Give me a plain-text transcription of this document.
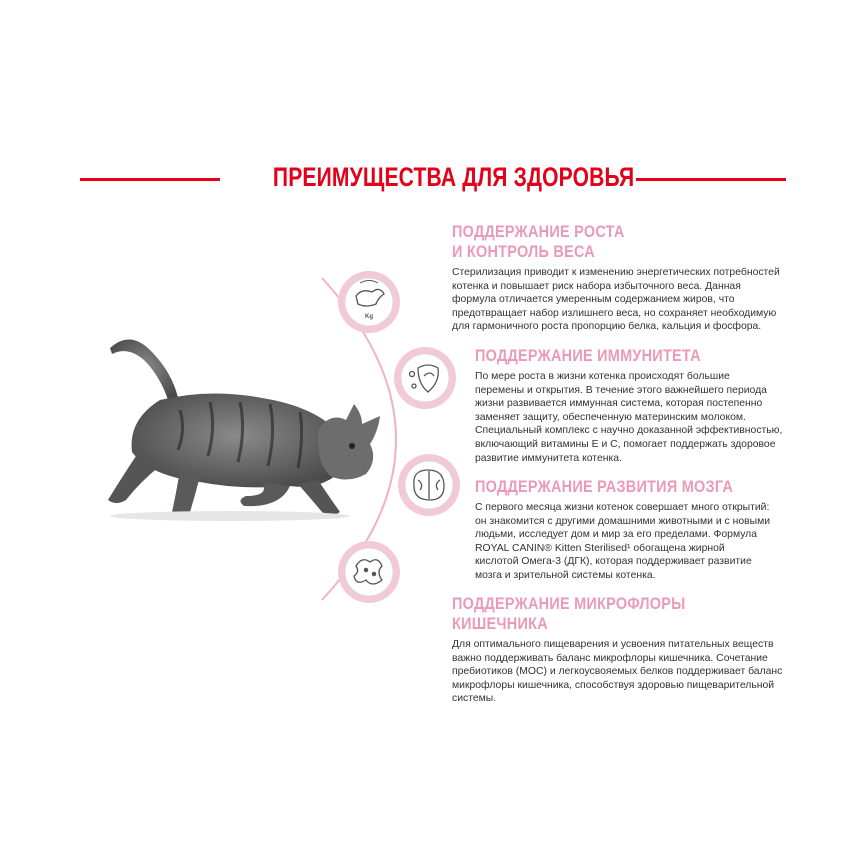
ПРЕИМУЩЕСТВА ДЛЯ ЗДОРОВЬЯ
Kg
ПОДДЕРЖАНИЕ РОСТА
И КОНТРОЛЬ ВЕСА
Стерилизация приводит к изменению энергетических потребностей
котенка и повышает риск набора избыточного веса. Данная
формула отличается умеренным содержанием жиров, что
предотвращает набор излишнего веса, но сохраняет необходимую
для гармоничного роста пропорцию белка, кальция и фосфора.
ПОДДЕРЖАНИЕ ИММУНИТЕТА
По мере роста в жизни котенка происходят большие
перемены и открытия. В течение этого важнейшего периода
жизни развивается иммунная система, которая постепенно
заменяет защиту, обеспеченную материнским молоком.
Специальный комплекс с научно доказанной эффективностью,
включающий витамины Е и С, помогает поддержать здоровое
развитие иммунитета котенка.
ПОДДЕРЖАНИЕ РАЗВИТИЯ МОЗГА
С первого месяца жизни котенок совершает много открытий:
он знакомится с другими домашними животными и с новыми
людьми, исследует дом и мир за его пределами. Формула
ROYAL CANIN® Kitten Sterilised¹ обогащена жирной
кислотой Омега-3 (ДГК), которая поддерживает развитие
мозга и зрительной системы котенка.
ПОДДЕРЖАНИЕ МИКРОФЛОРЫ
КИШЕЧНИКА
Для оптимального пищеварения и усвоения питательных веществ
важно поддерживать баланс микрофлоры кишечника. Сочетание
пребиотиков (МОС) и легкоусвояемых белков поддерживает баланс
микрофлоры кишечника, способствуя здоровью пищеварительной
системы.
